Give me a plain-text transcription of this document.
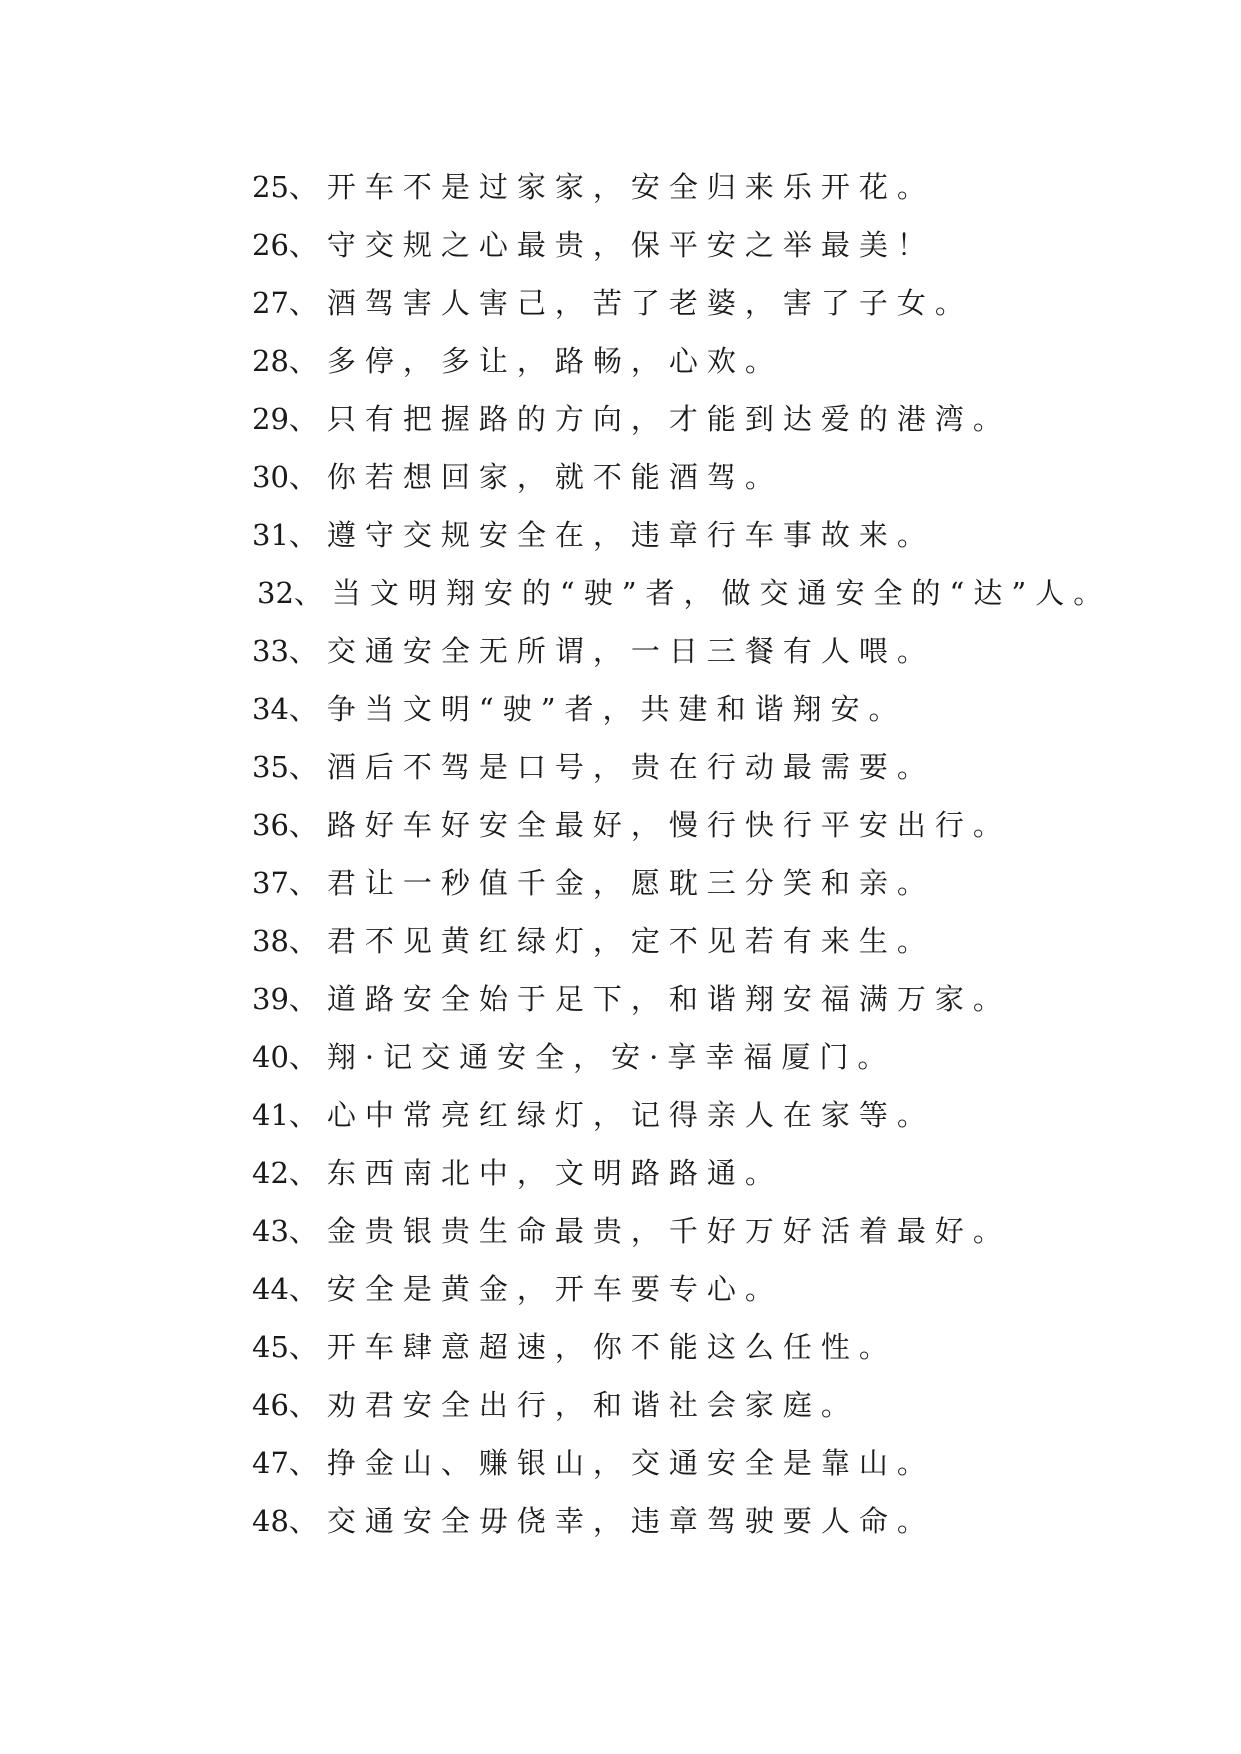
25、开车不是过家家，安全归来乐开花。
26、守交规之心最贵，保平安之举最美！
27、酒驾害人害己，苦了老婆，害了子女。
28、多停，多让，路畅，心欢。
29、只有把握路的方向，才能到达爱的港湾。
30、你若想回家，就不能酒驾。
31、遵守交规安全在，违章行车事故来。
32、当文明翔安的“驶”者，做交通安全的“达”人。
33、交通安全无所谓，一日三餐有人喂。
34、争当文明“驶”者，共建和谐翔安。
35、酒后不驾是口号，贵在行动最需要。
36、路好车好安全最好，慢行快行平安出行。
37、君让一秒值千金，愿耽三分笑和亲。
38、君不见黄红绿灯，定不见若有来生。
39、道路安全始于足下，和谐翔安福满万家。
40、翔·记交通安全，安·享幸福厦门。
41、心中常亮红绿灯，记得亲人在家等。
42、东西南北中，文明路路通。
43、金贵银贵生命最贵，千好万好活着最好。
44、安全是黄金，开车要专心。
45、开车肆意超速，你不能这么任性。
46、劝君安全出行，和谐社会家庭。
47、挣金山、赚银山，交通安全是靠山。
48、交通安全毋侥幸，违章驾驶要人命。
